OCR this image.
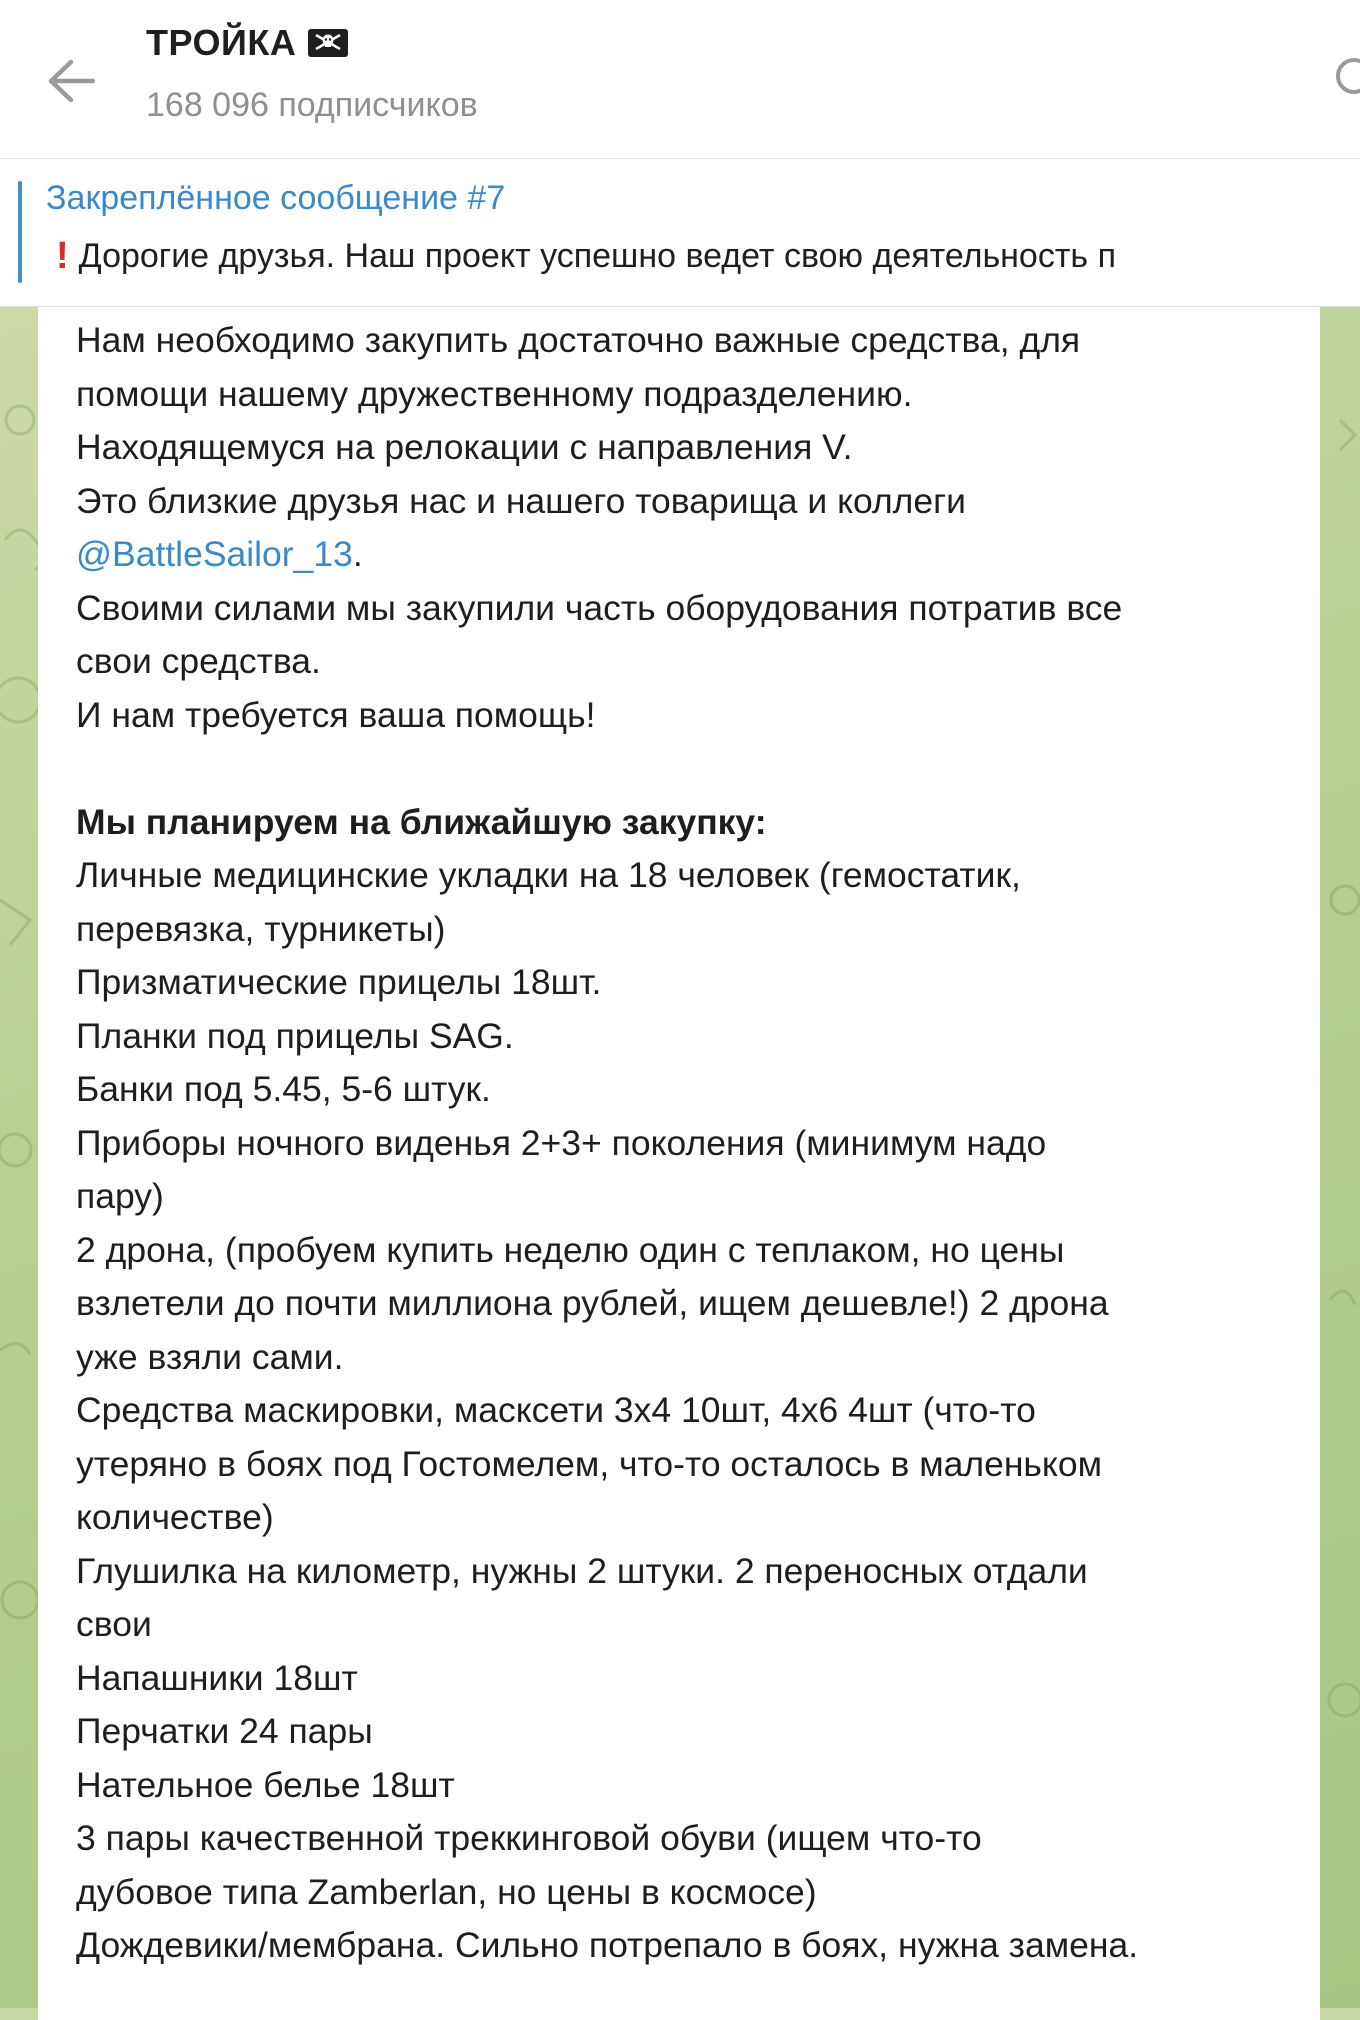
ТРОЙКА
168 096 подписчиков
Закреплённое сообщение #7
! Дорогие друзья. Наш проект успешно ведет свою деятельность п
Нам необходимо закупить достаточно важные средства, для
помощи нашему дружественному подразделению.
Находящемуся на релокации с направления V.
Это близкие друзья нас и нашего товарища и коллеги
@BattleSailor_13.
Своими силами мы закупили часть оборудования потратив все
свои средства.
И нам требуется ваша помощь!
Мы планируем на ближайшую закупку:
Личные медицинские укладки на 18 человек (гемостатик,
перевязка, турникеты)
Призматические прицелы 18шт.
Планки под прицелы SAG.
Банки под 5.45, 5-6 штук.
Приборы ночного виденья 2+3+ поколения (минимум надо
пару)
2 дрона, (пробуем купить неделю один с теплаком, но цены
взлетели до почти миллиона рублей, ищем дешевле!) 2 дрона
уже взяли сами.
Средства маскировки, масксети 3х4 10шт, 4х6 4шт (что-то
утеряно в боях под Гостомелем, что-то осталось в маленьком
количестве)
Глушилка на километр, нужны 2 штуки. 2 переносных отдали
свои
Напашники 18шт
Перчатки 24 пары
Нательное белье 18шт
3 пары качественной треккинговой обуви (ищем что-то
дубовое типа Zamberlan, но цены в космосе)
Дождевики/мембрана. Сильно потрепало в боях, нужна замена.
